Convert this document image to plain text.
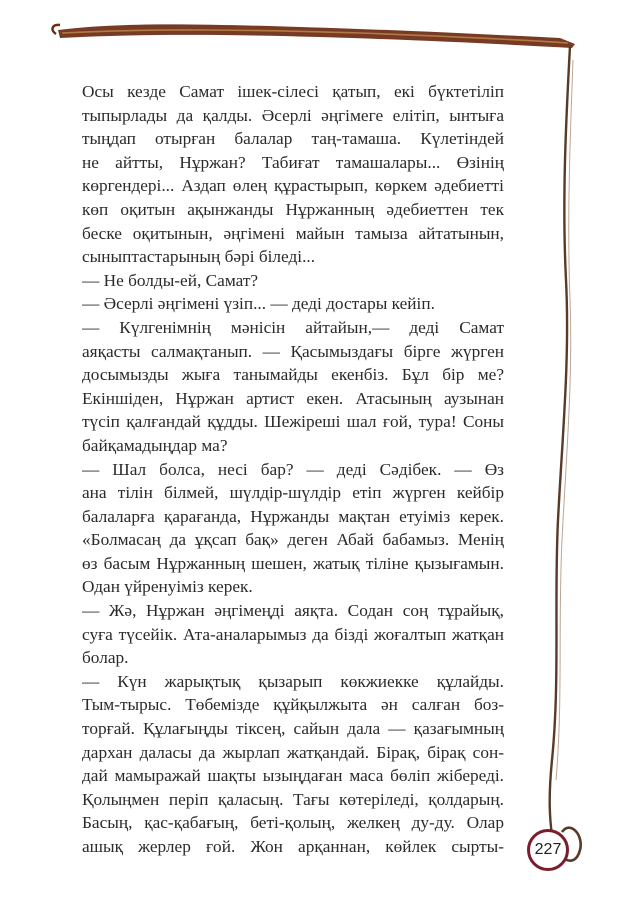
Осы кезде Самат ішек-сілесі қатып, екі бүктетіліп
тыпырлады да қалды. Әсерлі әңгімеге елітіп, ынтыға
тыңдап отырған балалар таң-тамаша. Күлетіндей
не айтты, Нұржан? Табиғат тамашалары... Өзінің
көргендері... Аздап өлең құрастырып, көркем әдебиетті
көп оқитын ақынжанды Нұржанның әдебиеттен тек
беске оқитынын, әңгімені майын тамыза айтатынын,
сыныптастарының бәрі біледі...
— Не болды-ей, Самат?
— Әсерлі әңгімені үзіп... — деді достары кейіп.
— Күлгенімнің мәнісін айтайын,— деді Самат
аяқасты салмақтанып. — Қасымыздағы бірге жүрген
досымызды жыға танымайды екенбіз. Бұл бір ме?
Екіншіден, Нұржан артист екен. Атасының аузынан
түсіп қалғандай құдды. Шежіреші шал ғой, тура! Соны
байқамадыңдар ма?
— Шал болса, несі бар? — деді Сәдібек. — Өз
ана тілін білмей, шүлдір-шүлдір етіп жүрген кейбір
балаларға қарағанда, Нұржанды мақтан етуіміз керек.
«Болмасаң да ұқсап бақ» деген Абай бабамыз. Менің
өз басым Нұржанның шешен, жатық тіліне қызығамын.
Одан үйренуіміз керек.
— Жә, Нұржан әңгімеңді аяқта. Содан соң тұрайық,
суға түсейік. Ата-аналарымыз да бізді жоғалтып жатқан
болар.
— Күн жарықтық қызарып көкжиекке құлайды.
Тым-тырыс. Төбемізде құйқылжыта ән салған боз-
торғай. Құлағыңды тіксең, сайын дала — қазағымның
дархан даласы да жырлап жатқандай. Бірақ, бірақ сон-
дай мамыражай шақты ызыңдаған маса бөліп жібереді.
Қолыңмен періп қаласың. Тағы көтеріледі, қолдарың.
Басың, қас-қабағың, беті-қолың, желкең ду-ду. Олар
ашық жерлер ғой. Жон арқаннан, көйлек сырты- 227
